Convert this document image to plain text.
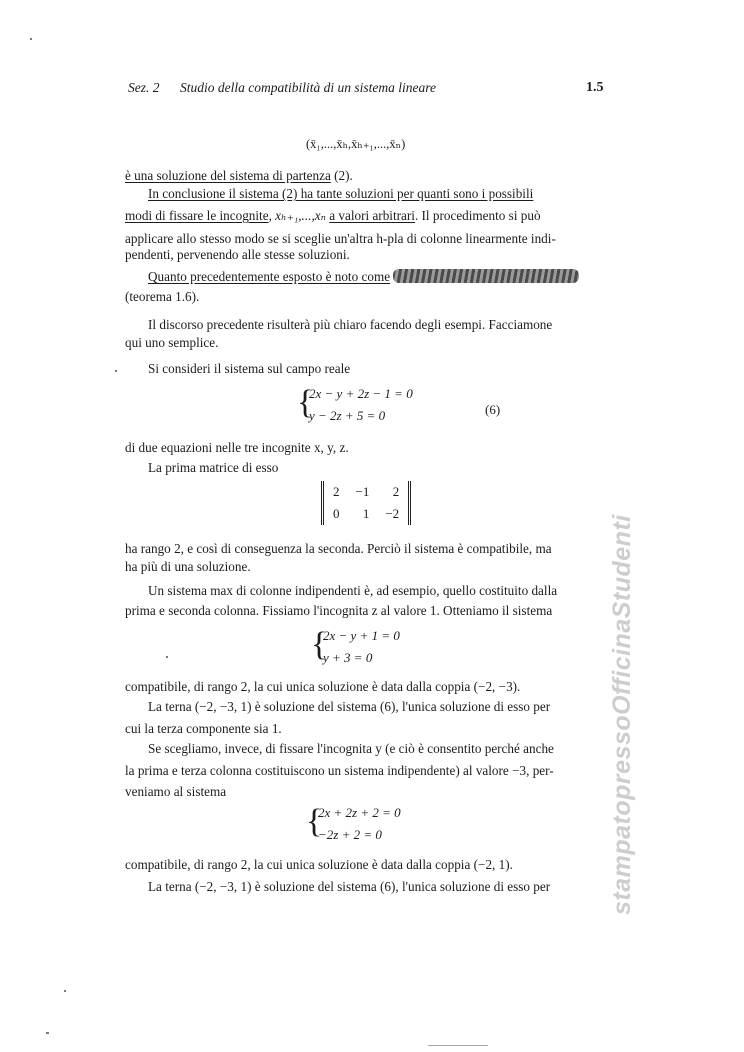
Sez. 2 Studio della compatibilità di un sistema lineare	1.5
(x̄₁,...,x̄ₕ,x̄ₕ₊₁,...,x̄ₙ)
è una soluzione del sistema di partenza (2).
In conclusione il sistema (2) ha tante soluzioni per quanti sono i possibili
modi di fissare le incognite, xₕ₊₁,...,xₙ a valori arbitrari. Il procedimento si può
applicare allo stesso modo se si sceglie un'altra h-pla di colonne linearmente indi-
pendenti, pervenendo alle stesse soluzioni.
Quanto precedentemente esposto è noto come
(teorema 1.6).
Il discorso precedente risulterà più chiaro facendo degli esempi. Facciamone
qui uno semplice.
Si consideri il sistema sul campo reale
{
2x − y + 2z − 1 = 0
y − 2z + 5 = 0	(6)
di due equazioni nelle tre incognite x, y, z.
La prima matrice di esso
2	−1	2
0	1	−2
ha rango 2, e così di conseguenza la seconda. Perciò il sistema è compatibile, ma
ha più di una soluzione.
Un sistema max di colonne indipendenti è, ad esempio, quello costituito dalla
prima e seconda colonna. Fissiamo l'incognita z al valore 1. Otteniamo il sistema
{
2x − y + 1 = 0
y + 3 = 0
compatibile, di rango 2, la cui unica soluzione è data dalla coppia (−2, −3).
La terna (−2, −3, 1) è soluzione del sistema (6), l'unica soluzione di esso per
cui la terza componente sia 1.
Se scegliamo, invece, di fissare l'incognita y (e ciò è consentito perché anche
la prima e terza colonna costituiscono un sistema indipendente) al valore −3, per-
veniamo al sistema
{
2x + 2z + 2 = 0
−2z + 2 = 0
compatibile, di rango 2, la cui unica soluzione è data dalla coppia (−2, 1).
La terna (−2, −3, 1) è soluzione del sistema (6), l'unica soluzione di esso per stampatopressoOfficinaStudenti
